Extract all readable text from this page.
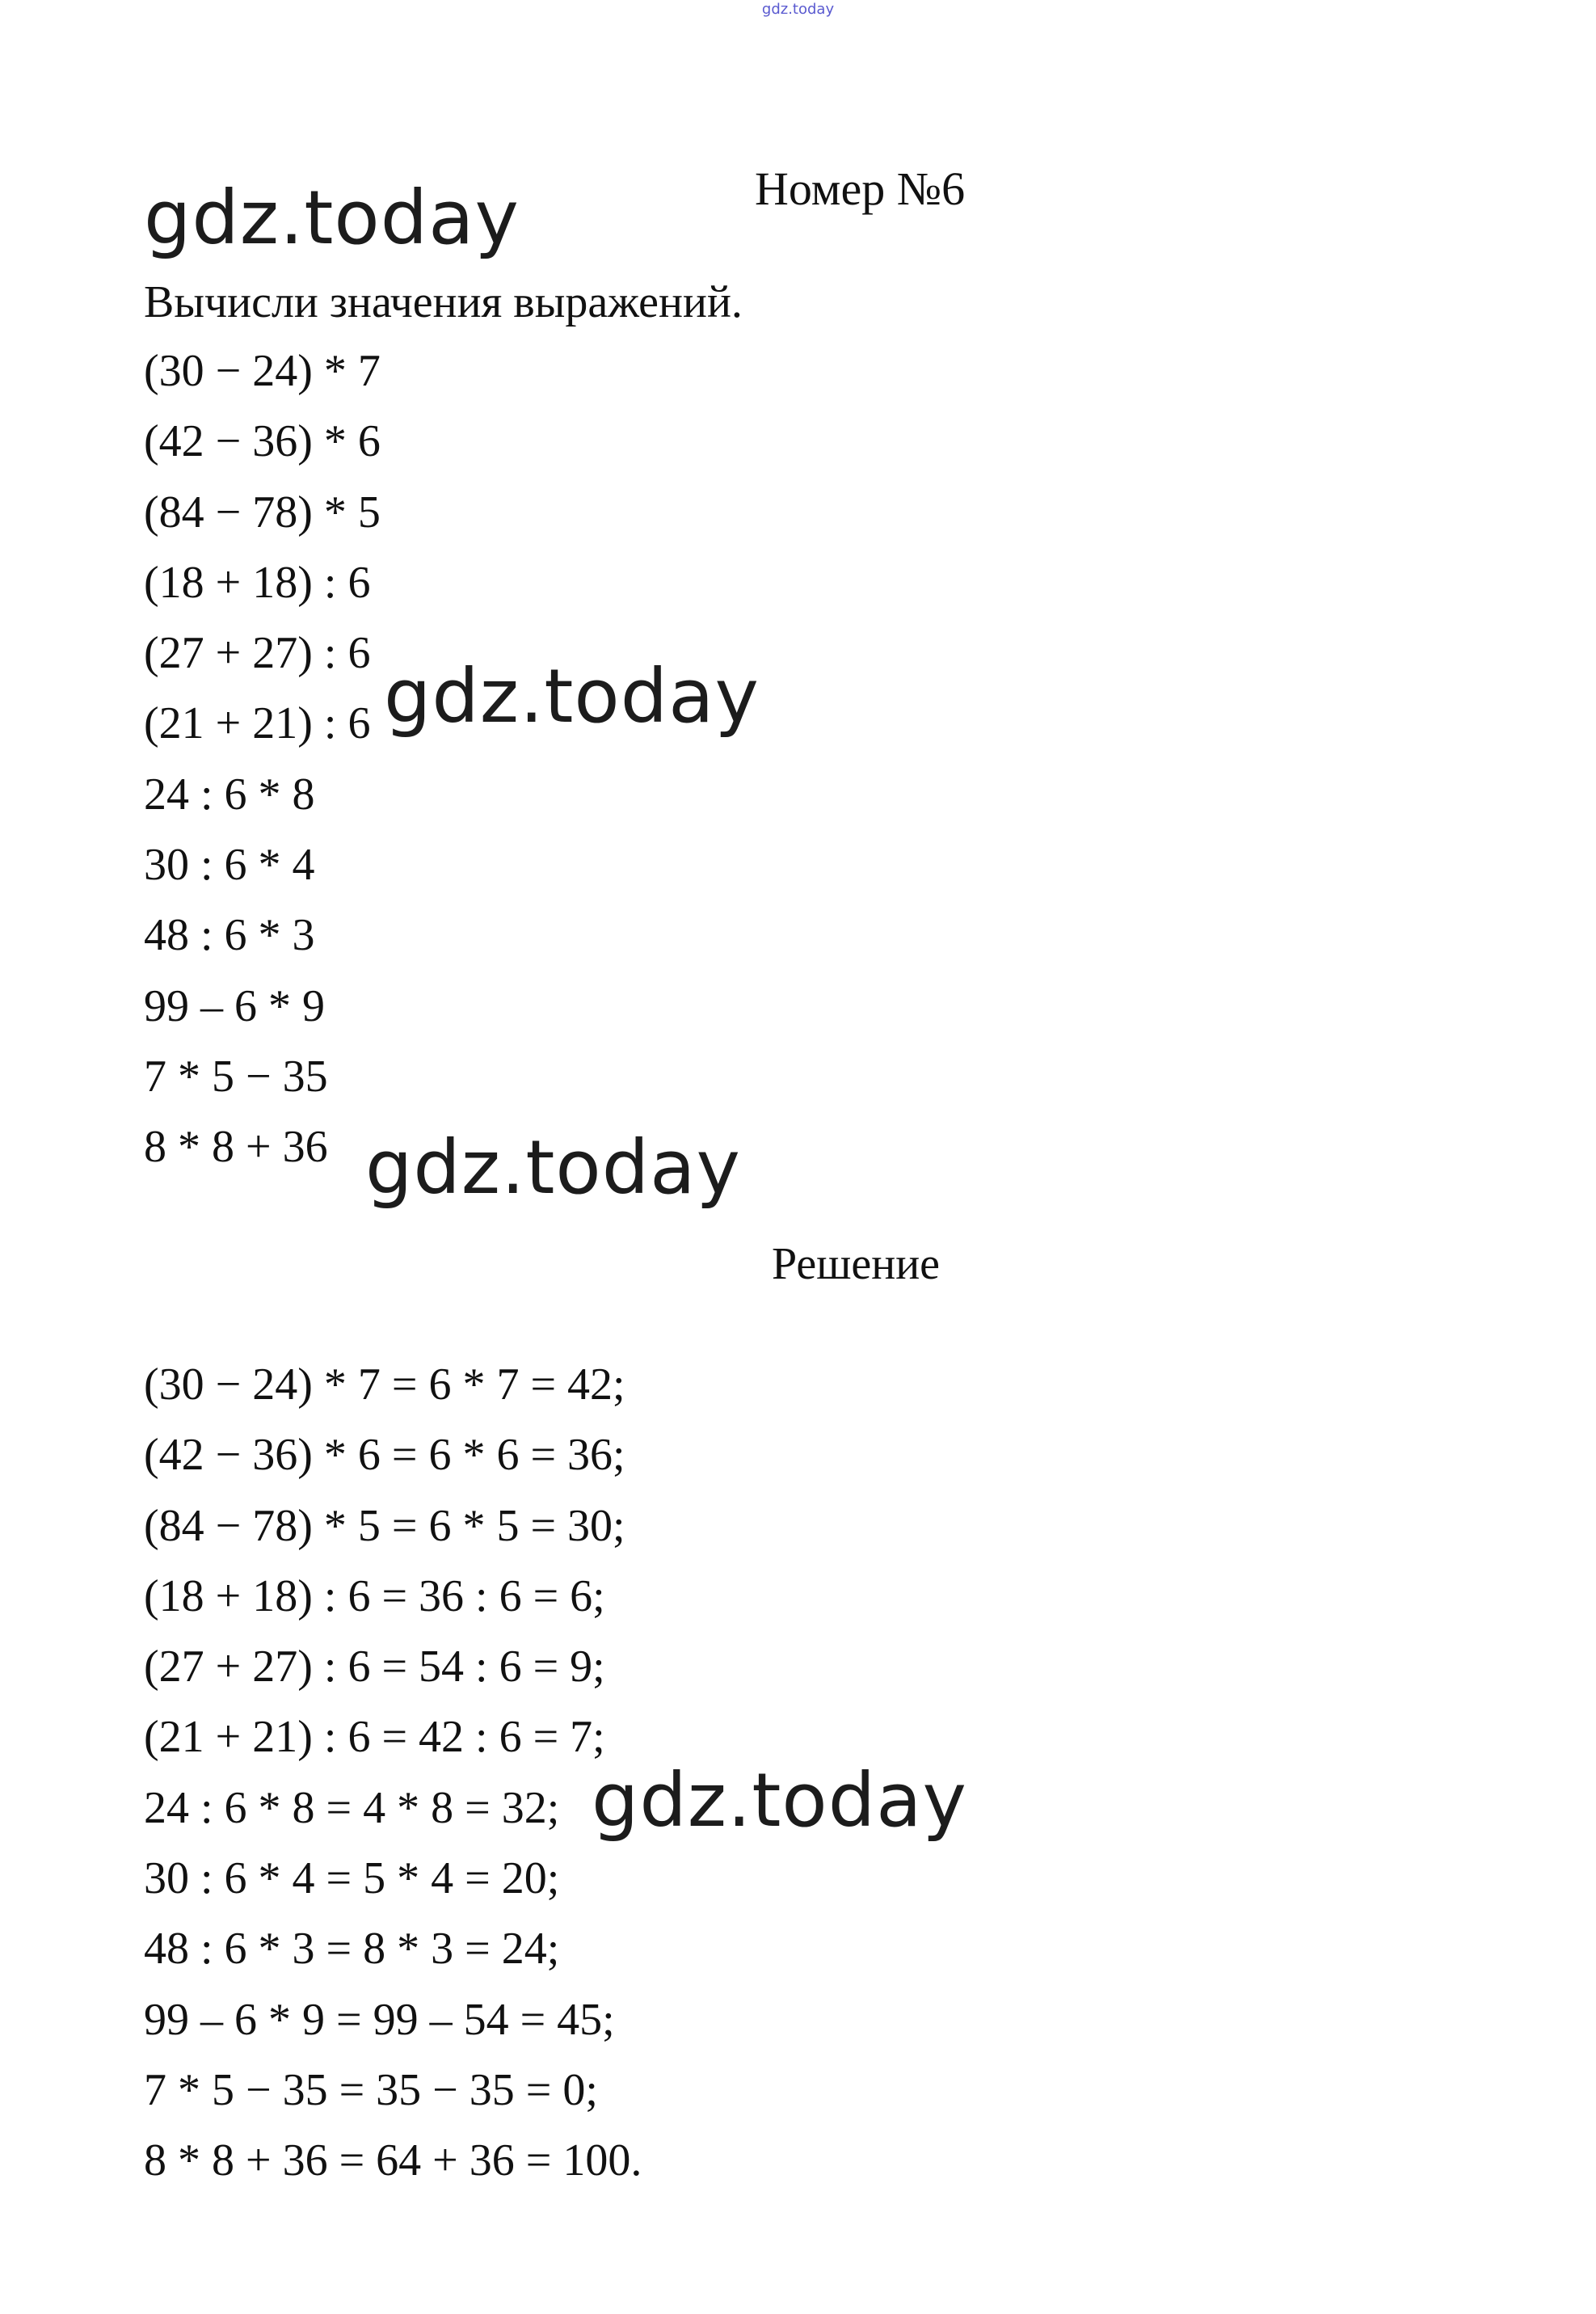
gdz.today
gdz.today	Номер №6
Вычисли значения выражений.
(30 − 24) * 7
(42 − 36) * 6
(84 − 78) * 5
(18 + 18) : 6
(27 + 27) : 6
(21 + 21) : 6
24 : 6 * 8
30 : 6 * 4
48 : 6 * 3
99 – 6 * 9
7 * 5 − 35
8 * 8 + 36
gdz.today
gdz.today
Решение
(30 − 24) * 7 = 6 * 7 = 42;
(42 − 36) * 6 = 6 * 6 = 36;
(84 − 78) * 5 = 6 * 5 = 30;
(18 + 18) : 6 = 36 : 6 = 6;
(27 + 27) : 6 = 54 : 6 = 9;
(21 + 21) : 6 = 42 : 6 = 7;
24 : 6 * 8 = 4 * 8 = 32;
30 : 6 * 4 = 5 * 4 = 20;
48 : 6 * 3 = 8 * 3 = 24;
99 – 6 * 9 = 99 – 54 = 45;
7 * 5 − 35 = 35 − 35 = 0;
8 * 8 + 36 = 64 + 36 = 100.
gdz.today
